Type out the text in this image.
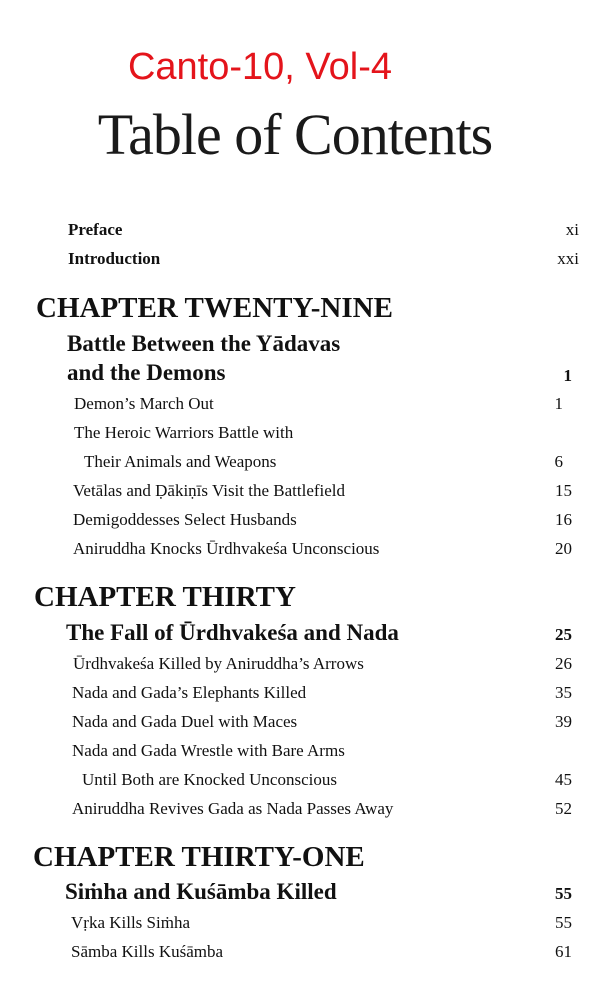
Canto-10, Vol-4
Table of Contents
Preface	xi
Introduction	xxi
CHAPTER TWENTY-NINE
Battle Between the Yādavas
and the Demons	1
Demon’s March Out	1
The Heroic Warriors Battle with
Their Animals and Weapons	6
Vetālas and Ḍākiṇīs Visit the Battlefield	15
Demigoddesses Select Husbands	16
Aniruddha Knocks Ūrdhvakeśa Unconscious	20
CHAPTER THIRTY
The Fall of Ūrdhvakeśa and Nada	25
Ūrdhvakeśa Killed by Aniruddha’s Arrows	26
Nada and Gada’s Elephants Killed	35
Nada and Gada Duel with Maces	39
Nada and Gada Wrestle with Bare Arms
Until Both are Knocked Unconscious	45
Aniruddha Revives Gada as Nada Passes Away	52
CHAPTER THIRTY-ONE
Siṁha and Kuśāmba Killed	55
Vṛka Kills Siṁha	55
Sāmba Kills Kuśāmba	61
